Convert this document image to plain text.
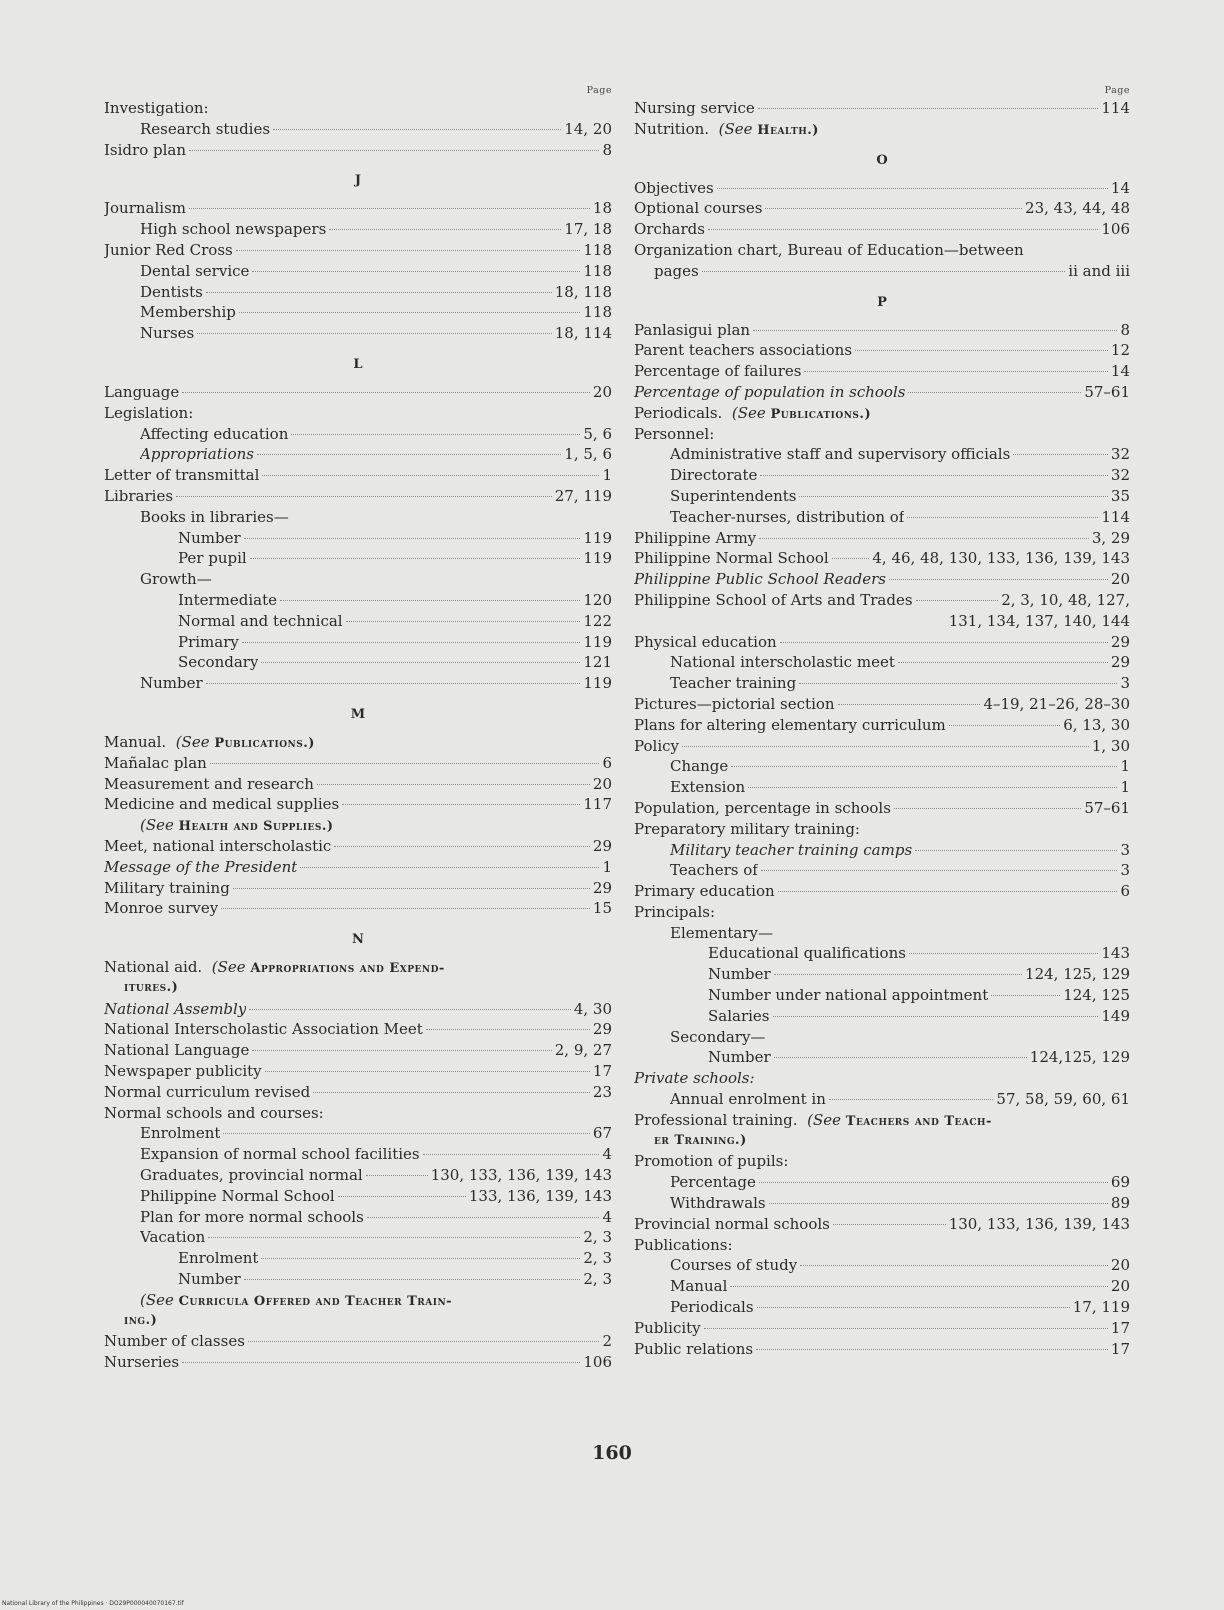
Page
Investigation:
Research studies	14, 20
Isidro plan	8
J
Journalism	18
High school newspapers	17, 18
Junior Red Cross	118
Dental service	118
Dentists	18, 118
Membership	118
Nurses	18, 114
L
Language	20
Legislation:
Affecting education	5, 6
Appropriations	1, 5, 6
Letter of transmittal	1
Libraries	27, 119
Books in libraries—
Number	119
Per pupil	119
Growth—
Intermediate	120
Normal and technical	122
Primary	119
Secondary	121
Number	119
M
Manual.
(See
Publications.)
Mañalac plan	6
Measurement and research	20
Medicine and medical supplies	117
(See
Health and Supplies.)
Meet, national interscholastic	29
Message of the President	1
Military training	29
Monroe survey	15
N
National aid.
(See
Appropriations and Expend-
itures.)
National Assembly	4, 30
National Interscholastic Association Meet	29
National Language	2, 9, 27
Newspaper publicity	17
Normal curriculum revised	23
Normal schools and courses:
Enrolment	67
Expansion of normal school facilities	4
Graduates, provincial normal	130, 133, 136, 139, 143
Philippine Normal School	133, 136, 139, 143
Plan for more normal schools	4
Vacation	2, 3
Enrolment	2, 3
Number	2, 3
(See
Curricula Offered and Teacher Train-
ing.)
Number of classes	2
Nurseries	106
Page
Nursing service	114
Nutrition.
(See
Health.)
O
Objectives	14
Optional courses	23, 43, 44, 48
Orchards	106
Organization chart, Bureau of Education—between
pages	ii and iii
P
Panlasigui plan	8
Parent teachers associations	12
Percentage of failures	14
Percentage of population in schools	57–61
Periodicals.
(See
Publications.)
Personnel:
Administrative staff and supervisory officials	32
Directorate	32
Superintendents	35
Teacher-nurses, distribution of	114
Philippine Army	3, 29
Philippine Normal School	4, 46, 48, 130, 133, 136, 139, 143
Philippine Public School Readers	20
Philippine School of Arts and Trades	2, 3, 10, 48, 127,
131, 134, 137, 140, 144
Physical education	29
National interscholastic meet	29
Teacher training	3
Pictures—pictorial section	4–19, 21–26, 28–30
Plans for altering elementary curriculum	6, 13, 30
Policy	1, 30
Change	1
Extension	1
Population, percentage in schools	57–61
Preparatory military training:
Military teacher training camps	3
Teachers of	3
Primary education	6
Principals:
Elementary—
Educational qualifications	143
Number	124, 125, 129
Number under national appointment	124, 125
Salaries	149
Secondary—
Number	124,125, 129
Private schools:
Annual enrolment in	57, 58, 59, 60, 61
Professional training.
(See
Teachers and Teach-
er Training.)
Promotion of pupils:
Percentage	69
Withdrawals	89
Provincial normal schools	130, 133, 136, 139, 143
Publications:
Courses of study	20
Manual	20
Periodicals	17, 119
Publicity	17
Public relations	17
160
National Library of the Philippines · DO29P000040070167.tif
